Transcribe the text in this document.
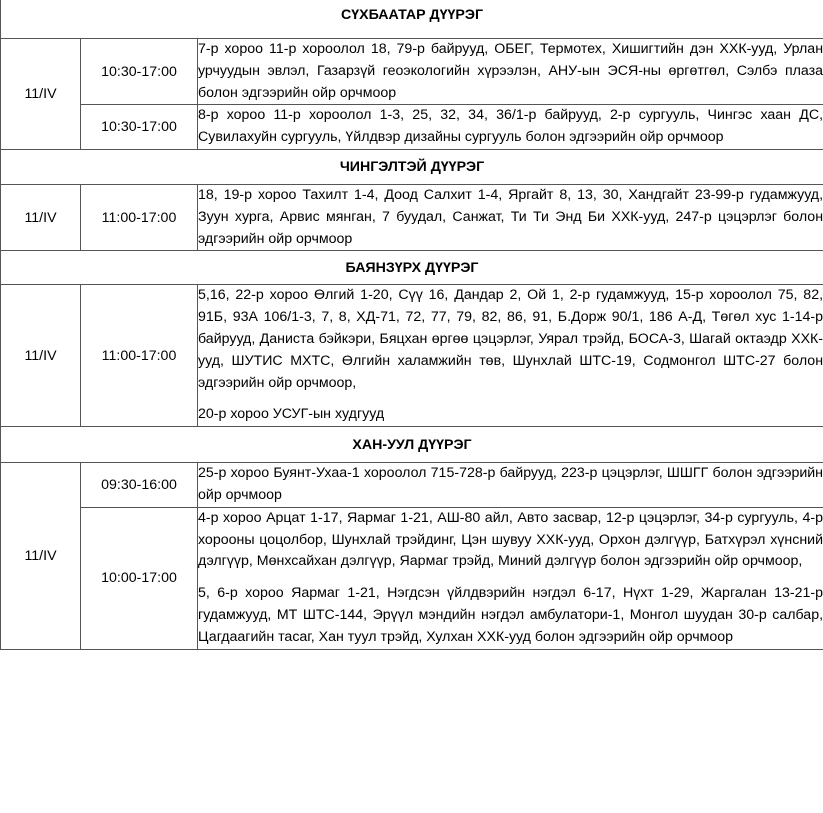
СҮХБААТАР ДҮҮРЭГ		
11/IV	10:30-17:00	7-р хороо 11-р хороолол 18, 79-р байрууд, ОБЕГ, Термотех, Хишигтийн дэн ХХК-ууд, Урлан урчуудын эвлэл, Газарзүй геоэкологийн хүрээлэн, АНУ-ын ЭСЯ-ны өргөтгөл, Сэлбэ плаза болон эдгээрийн ойр орчмоор

	10:30-17:00	8-р хороо 11-р хороолол 1-3, 25, 32, 34, 36/1-р байрууд, 2-р сургууль, Чингэс хаан ДС, Сувилахуйн сургууль, Үйлдвэр дизайны сургууль болон эдгээрийн ойр орчмоор

ЧИНГЭЛТЭЙ ДҮҮРЭГ		
11/IV	11:00-17:00	18, 19-р хороо Тахилт 1-4, Доод Салхит 1-4, Яргайт 8, 13, 30, Хандгайт 23-99-р гудамжууд, Зуун хурга, Арвис мянган, 7 буудал, Санжат, Ти Ти Энд Би ХХК-ууд, 247-р цэцэрлэг болон эдгээрийн ойр орчмоор

БАЯНЗҮРХ ДҮҮРЭГ		
11/IV	11:00-17:00	5,16, 22-р хороо Өлгий 1-20, Сүү 16, Дандар 2, Ой 1, 2-р гудамжууд, 15-р хороолол 75, 82, 91Б, 93А 106/1-3, 7, 8, ХД-71, 72, 77, 79, 82, 86, 91, Б.Дорж 90/1, 186 А-Д, Төгөл хус 1-14-р байрууд, Даниста бэйкэри, Бяцхан өргөө цэцэрлэг, Уярал трэйд, БОСА-3, Шагай октаэдр ХХК-ууд, ШУТИС МХТС, Өлгийн халамжийн төв, Шунхлай ШТС-19, Содмонгол ШТС-27 болон эдгээрийн ойр орчмоор,

20-р хороо УСУГ-ын худгууд

ХАН-УУЛ ДҮҮРЭГ		
11/IV	09:30-16:00	25-р хороо Буянт-Ухаа-1 хороолол 715-728-р байрууд, 223-р цэцэрлэг, ШШГГ болон эдгээрийн ойр орчмоор

	10:00-17:00	4-р хороо Арцат 1-17, Яармаг 1-21, АШ-80 айл, Авто засвар, 12-р цэцэрлэг, 34-р сургууль, 4-р хорооны цоцолбор, Шунхлай трэйдинг, Цэн шувуу ХХК-ууд, Орхон дэлгүүр, Батхүрэл хүнсний дэлгүүр, Мөнхсайхан дэлгүүр, Яармаг трэйд, Миний дэлгүүр болон эдгээрийн ойр орчмоор,

5, 6-р хороо Яармаг 1-21, Нэгдсэн үйлдвэрийн нэгдэл 6-17, Нүхт 1-29, Жаргалан 13-21-р гудамжууд, МТ ШТС-144, Эрүүл мэндийн нэгдэл амбулатори-1, Монгол шуудан 30-р салбар, Цагдаагийн тасаг, Хан туул трэйд, Хулхан ХХК-ууд болон эдгээрийн ойр орчмоор
